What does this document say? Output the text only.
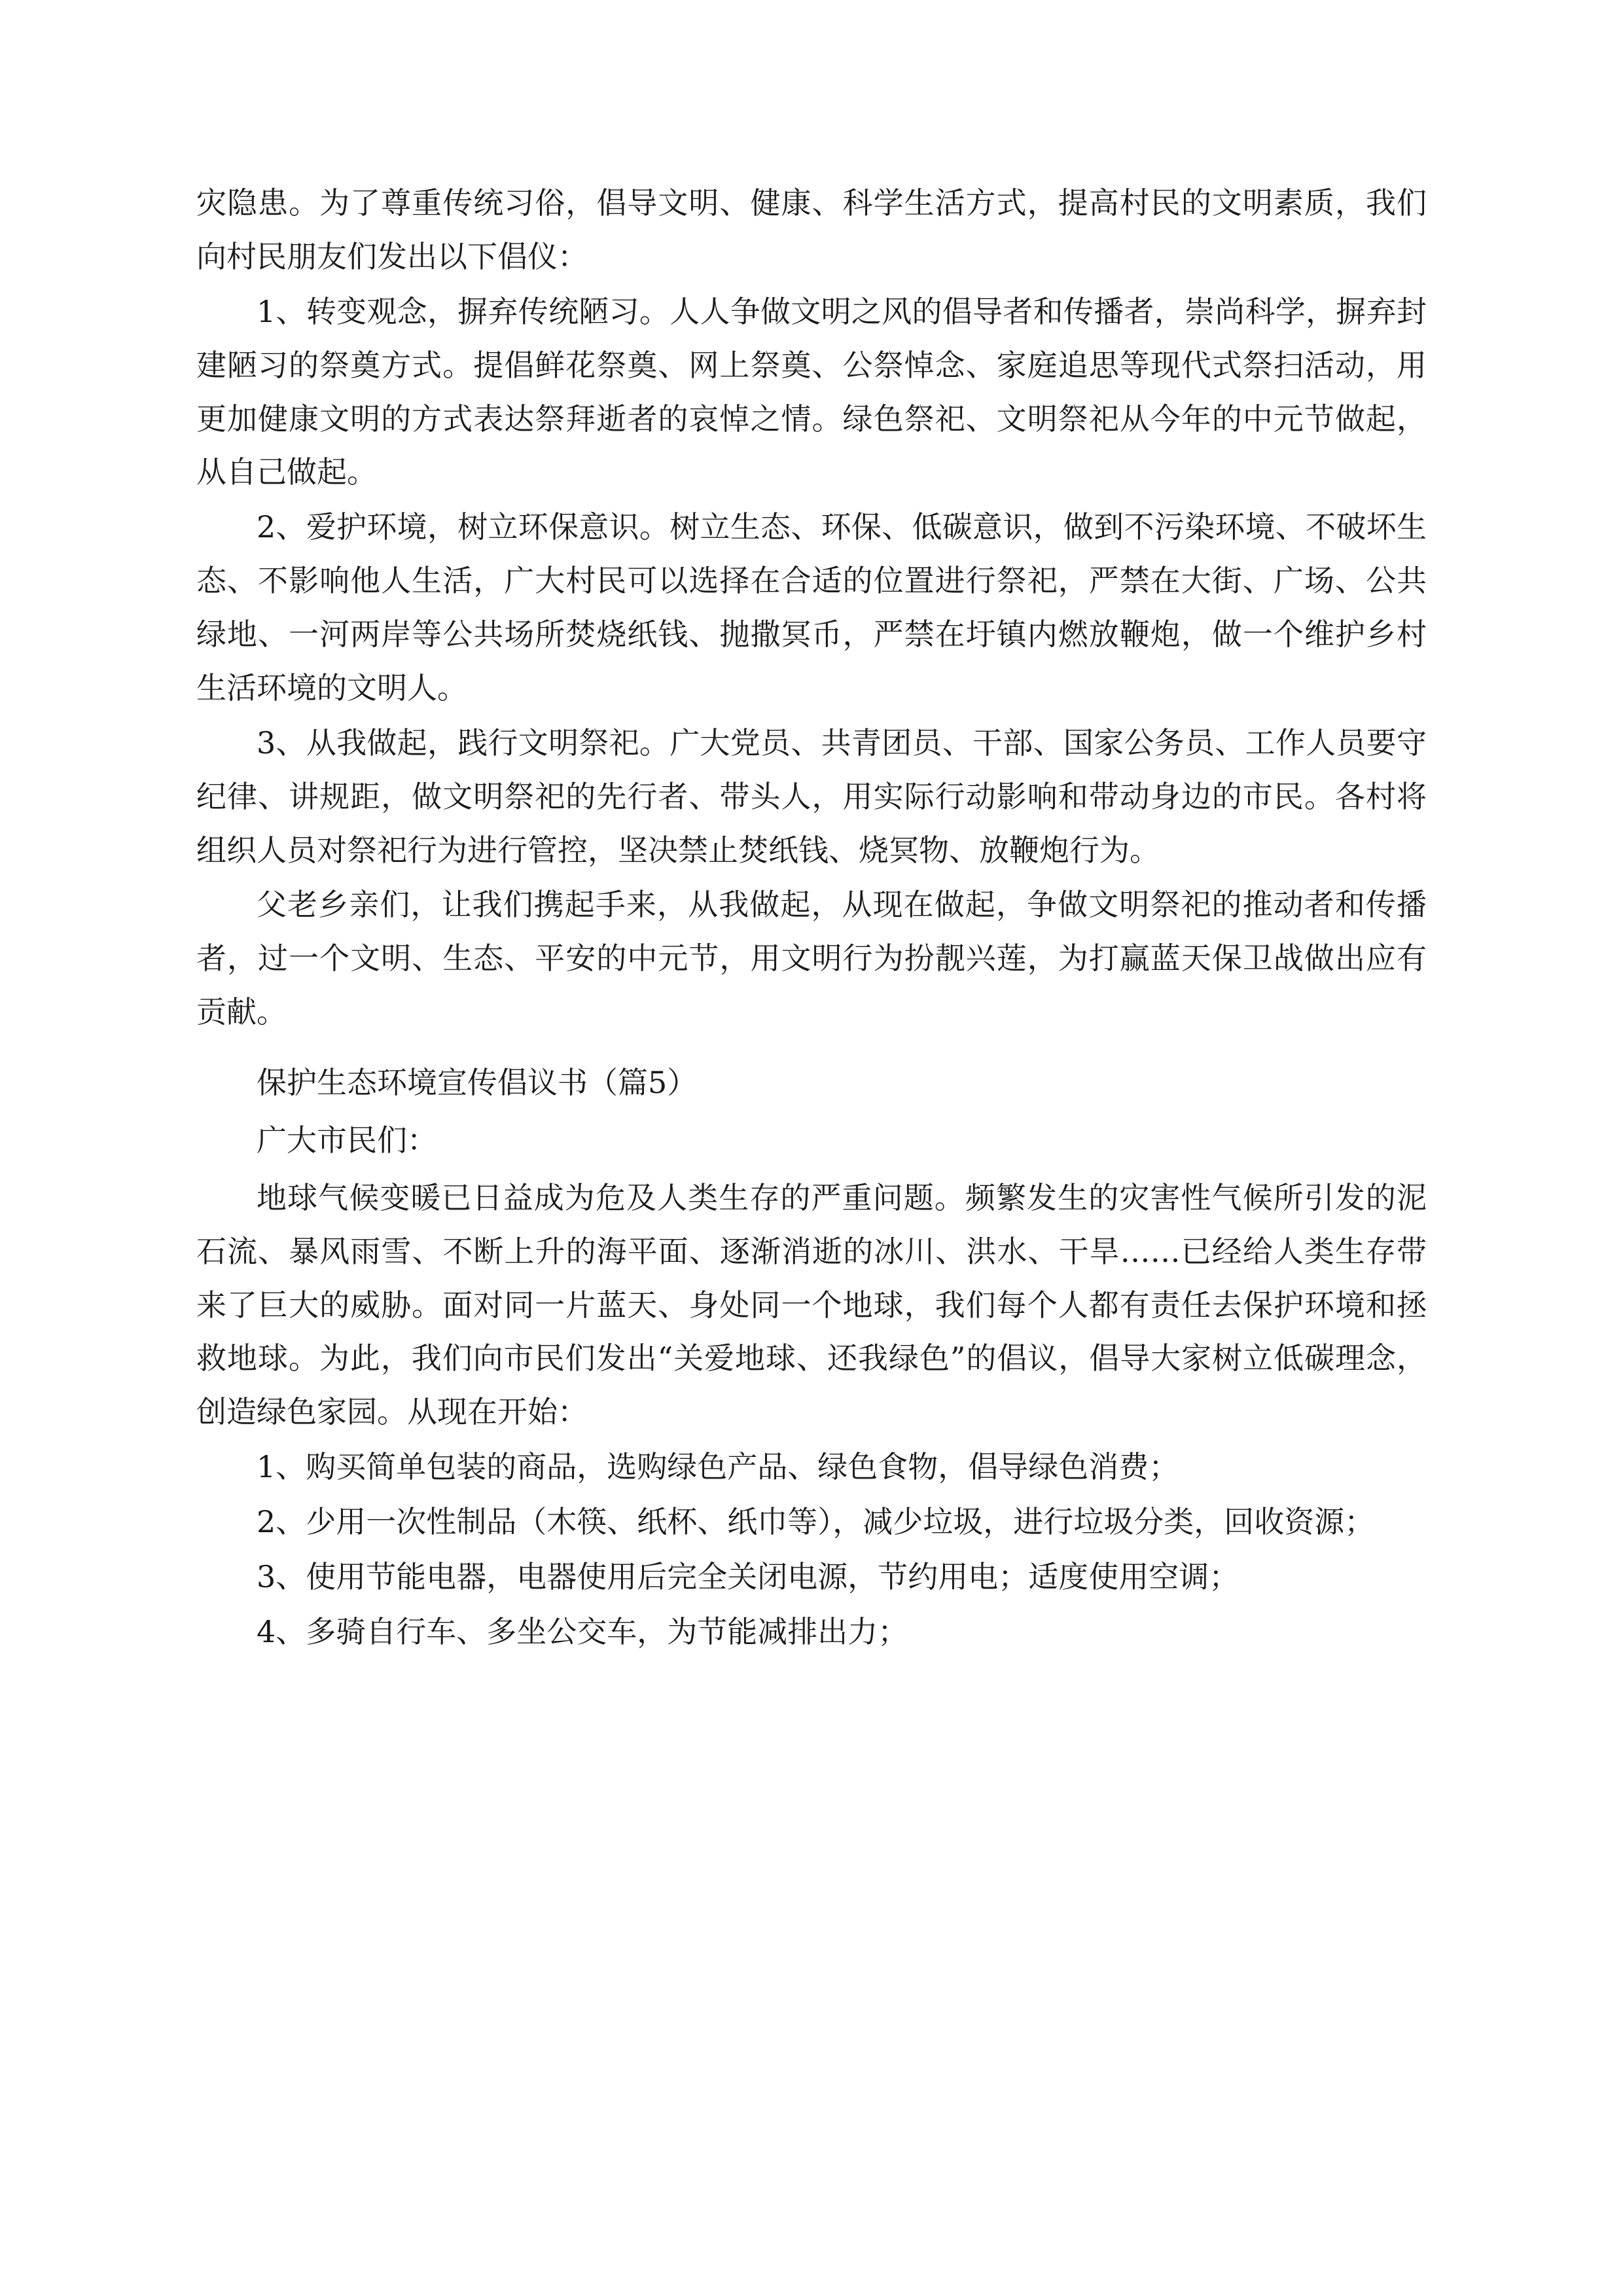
灾隐患。为了尊重传统习俗，倡导文明、健康、科学生活方式，提高村民的文明素质，我们向村民朋友们发出以下倡仪：

1、转变观念，摒弃传统陋习。人人争做文明之风的倡导者和传播者，崇尚科学，摒弃封建陋习的祭奠方式。提倡鲜花祭奠、网上祭奠、公祭悼念、家庭追思等现代式祭扫活动，用更加健康文明的方式表达祭拜逝者的哀悼之情。绿色祭祀、文明祭祀从今年的中元节做起，从自己做起。

2、爱护环境，树立环保意识。树立生态、环保、低碳意识，做到不污染环境、不破坏生态、不影响他人生活，广大村民可以选择在合适的位置进行祭祀，严禁在大街、广场、公共绿地、一河两岸等公共场所焚烧纸钱、抛撒冥币，严禁在圩镇内燃放鞭炮，做一个维护乡村生活环境的文明人。

3、从我做起，践行文明祭祀。广大党员、共青团员、干部、国家公务员、工作人员要守纪律、讲规距，做文明祭祀的先行者、带头人，用实际行动影响和带动身边的市民。各村将组织人员对祭祀行为进行管控，坚决禁止焚纸钱、烧冥物、放鞭炮行为。

父老乡亲们，让我们携起手来，从我做起，从现在做起，争做文明祭祀的推动者和传播者，过一个文明、生态、平安的中元节，用文明行为扮靓兴莲，为打赢蓝天保卫战做出应有贡献。

保护生态环境宣传倡议书（篇5）

广大市民们：

地球气候变暖已日益成为危及人类生存的严重问题。频繁发生的灾害性气候所引发的泥石流、暴风雨雪、不断上升的海平面、逐渐消逝的冰川、洪水、干旱……已经给人类生存带来了巨大的威胁。面对同一片蓝天、身处同一个地球，我们每个人都有责任去保护环境和拯救地球。为此，我们向市民们发出“关爱地球、还我绿色”的倡议，倡导大家树立低碳理念，创造绿色家园。从现在开始：

1、购买简单包装的商品，选购绿色产品、绿色食物，倡导绿色消费；

2、少用一次性制品（木筷、纸杯、纸巾等），减少垃圾，进行垃圾分类，回收资源；

3、使用节能电器，电器使用后完全关闭电源，节约用电；适度使用空调；

4、多骑自行车、多坐公交车，为节能减排出力；
